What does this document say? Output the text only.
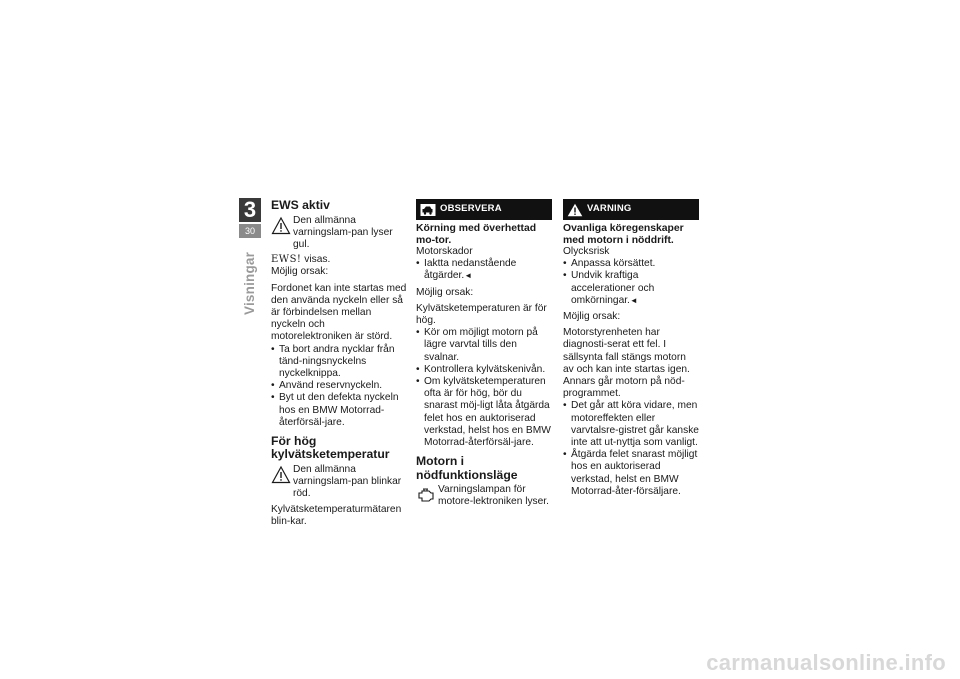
3
30
Visningar
EWS aktiv

Den allmänna varningslam-pan lyser gul.

EWS! visas.

Möjlig orsak:

Fordonet kan inte startas med den använda nyckeln eller så är förbindelsen mellan nyckeln och motorelektroniken är störd.

• Ta bort andra nycklar från tänd-ningsnyckelns nyckelknippa.
• Använd reservnyckeln.
• Byt ut den defekta nyckeln hos en BMW Motorrad-återförsäl-jare.
För hög kylvätsketemperatur

Den allmänna varningslam-pan blinkar röd.

Kylvätsketemperaturmätaren blin-kar.

OBSERVERA
Körning med överhettad mo-tor.

Motorskador

• Iaktta nedanstående åtgärder.◄

Möjlig orsak:

Kylvätsketemperaturen är för hög.

• Kör om möjligt motorn på lägre varvtal tills den svalnar.
• Kontrollera kylvätskenivån.
• Om kylvätsketemperaturen ofta är för hög, bör du snarast möj-ligt låta åtgärda felet hos en auktoriserad verkstad, helst hos en BMW Motorrad-återförsäl-jare.
Motorn i nödfunktionsläge

Varningslampan för motore-lektroniken lyser.

VARNING
Ovanliga köregenskaper med motorn i nöddrift.

Olycksrisk

• Anpassa körsättet.
• Undvik kraftiga accelerationer och omkörningar.◄

Möjlig orsak:

Motorstyrenheten har diagnosti-serat ett fel. I sällsynta fall stängs motorn av och kan inte startas igen. Annars går motorn på nöd-programmet.

• Det går att köra vidare, men motoreffekten eller varvtalsre-gistret går kanske inte att ut-nyttja som vanligt.
• Åtgärda felet snarast möjligt hos en auktoriserad verkstad, helst en BMW Motorrad-åter-försäljare.
carmanualsonline.info
